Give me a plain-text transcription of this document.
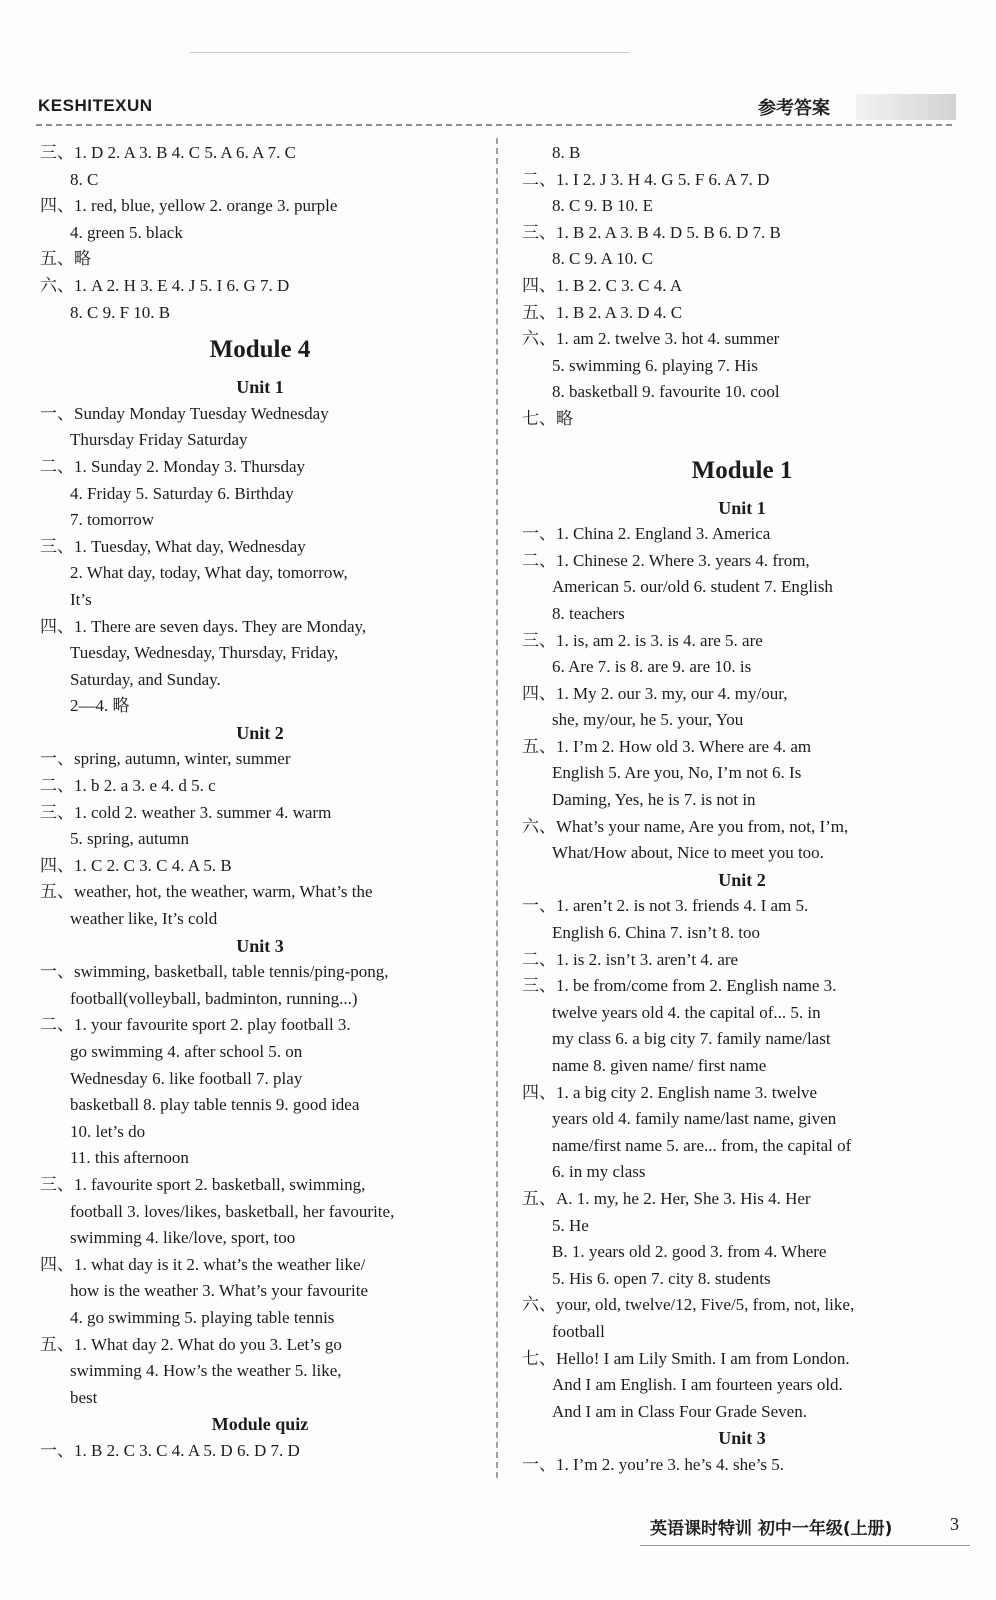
KESHITEXUN	参考答案
三、1. D 2. A 3. B 4. C 5. A 6. A 7. C
8. C
四、1. red, blue, yellow 2. orange 3. purple
4. green 5. black
五、略
六、1. A 2. H 3. E 4. J 5. I 6. G 7. D
8. C 9. F 10. B
Module 4
Unit 1
一、Sunday Monday Tuesday Wednesday
Thursday Friday Saturday
二、1. Sunday 2. Monday 3. Thursday
4. Friday 5. Saturday 6. Birthday
7. tomorrow
三、1. Tuesday, What day, Wednesday
2. What day, today, What day, tomorrow,
It’s
四、1. There are seven days. They are Monday,
Tuesday, Wednesday, Thursday, Friday,
Saturday, and Sunday.
2—4. 略
Unit 2
一、spring, autumn, winter, summer
二、1. b 2. a 3. e 4. d 5. c
三、1. cold 2. weather 3. summer 4. warm
5. spring, autumn
四、1. C 2. C 3. C 4. A 5. B
五、weather, hot, the weather, warm, What’s the
weather like, It’s cold
Unit 3
一、swimming, basketball, table tennis/ping-pong,
football(volleyball, badminton, running...)
二、1. your favourite sport 2. play football 3.
go swimming 4. after school 5. on
Wednesday 6. like football 7. play
basketball 8. play table tennis 9. good idea
10. let’s do
11. this afternoon
三、1. favourite sport 2. basketball, swimming,
football 3. loves/likes, basketball, her favourite,
swimming 4. like/love, sport, too
四、1. what day is it 2. what’s the weather like/
how is the weather 3. What’s your favourite
4. go swimming 5. playing table tennis
五、1. What day 2. What do you 3. Let’s go
swimming 4. How’s the weather 5. like,
best
Module quiz
一、1. B 2. C 3. C 4. A 5. D 6. D 7. D
8. B
二、1. I 2. J 3. H 4. G 5. F 6. A 7. D
8. C 9. B 10. E
三、1. B 2. A 3. B 4. D 5. B 6. D 7. B
8. C 9. A 10. C
四、1. B 2. C 3. C 4. A
五、1. B 2. A 3. D 4. C
六、1. am 2. twelve 3. hot 4. summer
5. swimming 6. playing 7. His
8. basketball 9. favourite 10. cool
七、略
Module 1
Unit 1
一、1. China 2. England 3. America
二、1. Chinese 2. Where 3. years 4. from,
American 5. our/old 6. student 7. English
8. teachers
三、1. is, am 2. is 3. is 4. are 5. are
6. Are 7. is 8. are 9. are 10. is
四、1. My 2. our 3. my, our 4. my/our,
she, my/our, he 5. your, You
五、1. I’m 2. How old 3. Where are 4. am
English 5. Are you, No, I’m not 6. Is
Daming, Yes, he is 7. is not in
六、What’s your name, Are you from, not, I’m,
What/How about, Nice to meet you too.
Unit 2
一、1. aren’t 2. is not 3. friends 4. I am 5.
English 6. China 7. isn’t 8. too
二、1. is 2. isn’t 3. aren’t 4. are
三、1. be from/come from 2. English name 3.
twelve years old 4. the capital of... 5. in
my class 6. a big city 7. family name/last
name 8. given name/ first name
四、1. a big city 2. English name 3. twelve
years old 4. family name/last name, given
name/first name 5. are... from, the capital of
6. in my class
五、A. 1. my, he 2. Her, She 3. His 4. Her
5. He
B. 1. years old 2. good 3. from 4. Where
5. His 6. open 7. city 8. students
六、your, old, twelve/12, Five/5, from, not, like,
football
七、Hello! I am Lily Smith. I am from London.
And I am English. I am fourteen years old.
And I am in Class Four Grade Seven.
Unit 3
一、1. I’m 2. you’re 3. he’s 4. she’s 5.
英语课时特训 初中一年级(上册)	3
